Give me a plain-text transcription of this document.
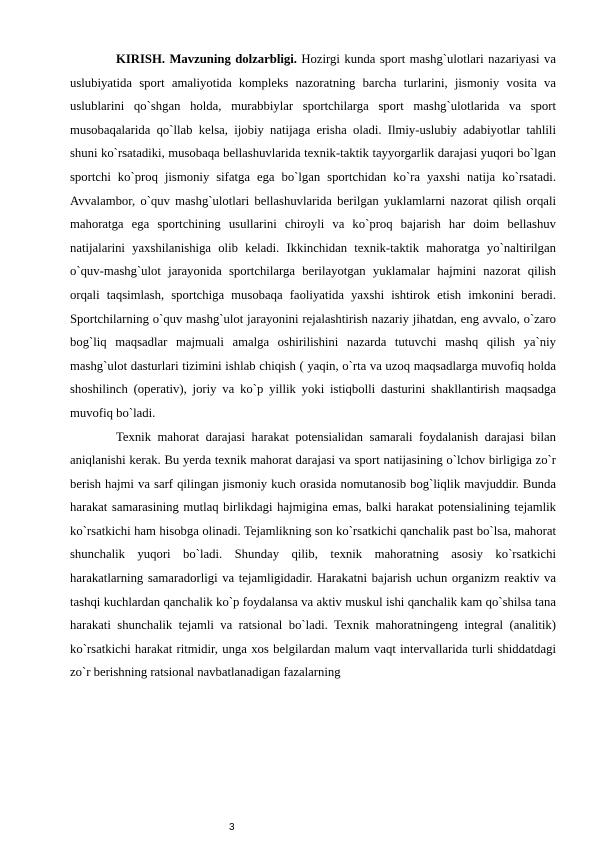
KIRISH. Mavzuning dolzarbligi. Hozirgi kunda sport mashg`ulotlari nazariyasi va uslubiyatida sport amaliyotida kompleks nazoratning barcha turlarini, jismoniy vosita va uslublarini qo`shgan holda, murabbiylar sportchilarga sport mashg`ulotlarida va sport musobaqalarida qo`llab kelsa, ijobiy natijaga erisha oladi. Ilmiy-uslubiy adabiyotlar tahlili shuni ko`rsatadiki, musobaqa bellashuvlarida texnik-taktik tayyorgarlik darajasi yuqori bo`lgan sportchi ko`proq jismoniy sifatga ega bo`lgan sportchidan ko`ra yaxshi natija ko`rsatadi. Avvalambor, o`quv mashg`ulotlari bellashuvlarida berilgan yuklamlarni nazorat qilish orqali mahoratga ega sportchining usullarini chiroyli va ko`proq bajarish har doim bellashuv natijalarini yaxshilanishiga olib keladi. Ikkinchidan texnik-taktik mahoratga yo`naltirilgan o`quv-mashg`ulot jarayonida sportchilarga berilayotgan yuklamalar hajmini nazorat qilish orqali taqsimlash, sportchiga musobaqa faoliyatida yaxshi ishtirok etish imkonini beradi. Sportchilarning o`quv mashg`ulot jarayonini rejalashtirish nazariy jihatdan, eng avvalo, o`zaro bog`liq maqsadlar majmuali amalga oshirilishini nazarda tutuvchi mashq qilish ya`niy mashg`ulot dasturlari tizimini ishlab chiqish ( yaqin, o`rta va uzoq maqsadlarga muvofiq holda shoshilinch (operativ), joriy va ko`p yillik yoki istiqbolli dasturini shakllantirish maqsadga muvofiq bo`ladi.

Texnik mahorat darajasi harakat potensialidan samarali foydalanish darajasi bilan aniqlanishi kerak. Bu yerda texnik mahorat darajasi va sport natijasining o`lchov birligiga zo`r berish hajmi va sarf qilingan jismoniy kuch orasida nomutanosib bog`liqlik mavjuddir. Bunda harakat samarasining mutlaq birlikdagi hajmigina emas, balki harakat potensialining tejamlik ko`rsatkichi ham hisobga olinadi. Tejamlikning son ko`rsatkichi qanchalik past bo`lsa, mahorat shunchalik yuqori bo`ladi. Shunday qilib, texnik mahoratning asosiy ko`rsatkichi harakatlarning samaradorligi va tejamligidadir. Harakatni bajarish uchun organizm reaktiv va tashqi kuchlardan qanchalik ko`p foydalansa va aktiv muskul ishi qanchalik kam qo`shilsa tana harakati shunchalik tejamli va ratsional bo`ladi. Texnik mahoratningeng integral (analitik) ko`rsatkichi harakat ritmidir, unga xos belgilardan malum vaqt intervallarida turli shiddatdagi zo`r berishning ratsional navbatlanadigan fazalarning

3
